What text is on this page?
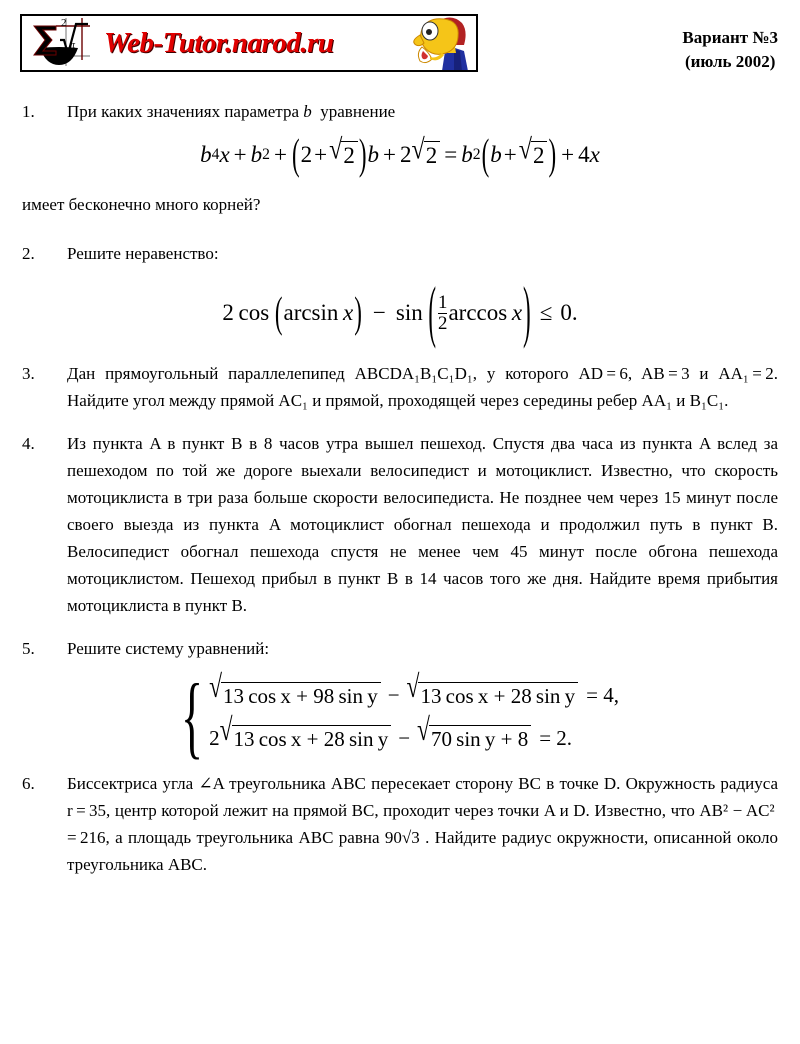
2
π Web-Tutor.narod.ru	Вариант №3
(июль 2002)
1.	При каких значениях параметра b уравнение
b 4 x + b 2 + ( 2 + √ 2 ) b + 2 √ 2 = b 2 ( b + √ 2 ) + 4 x
имеет бесконечно много корней?
2.	Решите неравенство:
2
  cos
  ( arcsin
  x ) − sin
  ( $\frac{1}{2}$ arccos
  x ) ≤ 0.
3.	Дан прямоугольный параллелепипед ABCDA₁B₁C₁D₁, у которого AD = 6, AB = 3 и AA₁ = 2. Найдите угол между прямой AC₁ и прямой, проходящей через середины ребер AA₁ и B₁C₁.
4.	Из пункта A в пункт B в 8 часов утра вышел пешеход. Спустя два часа из пункта A вслед за пешеходом по той же дороге выехали велосипедист и мотоциклист. Известно, что скорость мотоциклиста в три раза больше скорости велосипедиста. Не позднее чем через 15 минут после своего выезда из пункта A мотоциклист обогнал пешехода и продолжил путь в пункт B. Велосипедист обогнал пешехода спустя не менее чем 45 минут после обгона пешехода мотоциклистом. Пешеход прибыл в пункт B в 14 часов того же дня. Найдите время прибытия мотоциклиста в пункт B.
5.	Решите систему уравнений:
{ √ 13 cos x + 98 sin y − √ 13 cos x + 28 sin y = 4,
2 √ 13 cos x + 28 sin y − √ 70 sin y + 8 = 2.
6.	Биссектриса угла ∠A треугольника ABC пересекает сторону BC в точке D. Окружность радиуса r = 35, центр которой лежит на прямой BC, проходит через точки A и D. Известно, что AB² − AC² = 216, а площадь треугольника ABC равна 90√3 . Найдите радиус окружности, описанной около треугольника ABC.
